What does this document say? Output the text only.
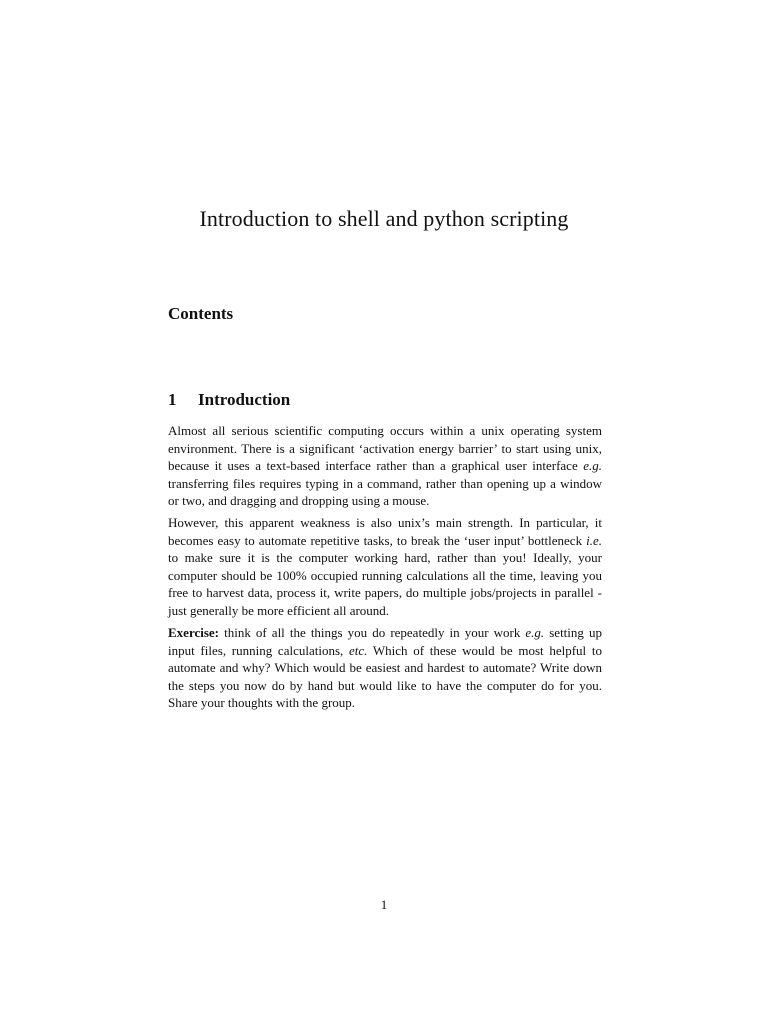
Introduction to shell and python scripting
Contents
1 Introduction

Almost all serious scientific computing occurs within a unix operating system environment. There is a significant ‘activation energy barrier’ to start using unix, because it uses a text-based interface rather than a graphical user interface e.g. transferring files requires typing in a command, rather than opening up a window or two, and dragging and dropping using a mouse.

However, this apparent weakness is also unix’s main strength. In particular, it becomes easy to automate repetitive tasks, to break the ‘user input’ bottleneck i.e. to make sure it is the computer working hard, rather than you! Ideally, your computer should be 100% occupied running calculations all the time, leaving you free to harvest data, process it, write papers, do multiple jobs/projects in parallel - just generally be more efficient all around.

Exercise: think of all the things you do repeatedly in your work e.g. setting up input files, running calculations, etc. Which of these would be most helpful to automate and why? Which would be easiest and hardest to automate? Write down the steps you now do by hand but would like to have the computer do for you. Share your thoughts with the group.

1
